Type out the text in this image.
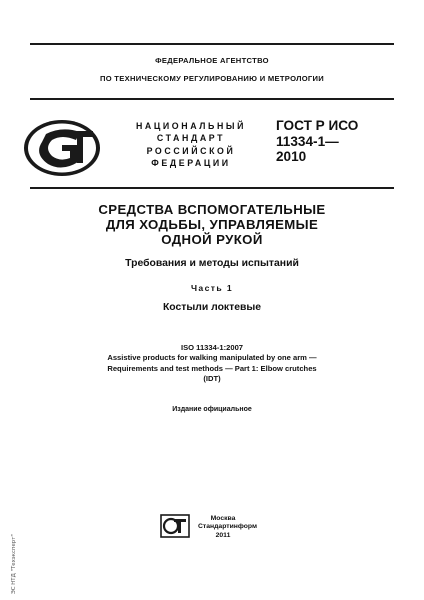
ФЕДЕРАЛЬНОЕ АГЕНТСТВО
ПО ТЕХНИЧЕСКОМУ РЕГУЛИРОВАНИЮ И МЕТРОЛОГИИ
НАЦИОНАЛЬНЫЙ
СТАНДАРТ
РОССИЙСКОЙ
ФЕДЕРАЦИИ
ГОСТ Р ИСО
11334-1—
2010
СРЕДСТВА ВСПОМОГАТЕЛЬНЫЕ
ДЛЯ ХОДЬБЫ, УПРАВЛЯЕМЫЕ
ОДНОЙ РУКОЙ
Требования и методы испытаний
Часть 1
Костыли локтевые
ISO 11334-1:2007
Assistive products for walking manipulated by one arm —
Requirements and test methods — Part 1: Elbow crutches
(IDT)
Издание официальное
Москва
Стандартинформ
2011
ЭС НТД "Техэксперт"
